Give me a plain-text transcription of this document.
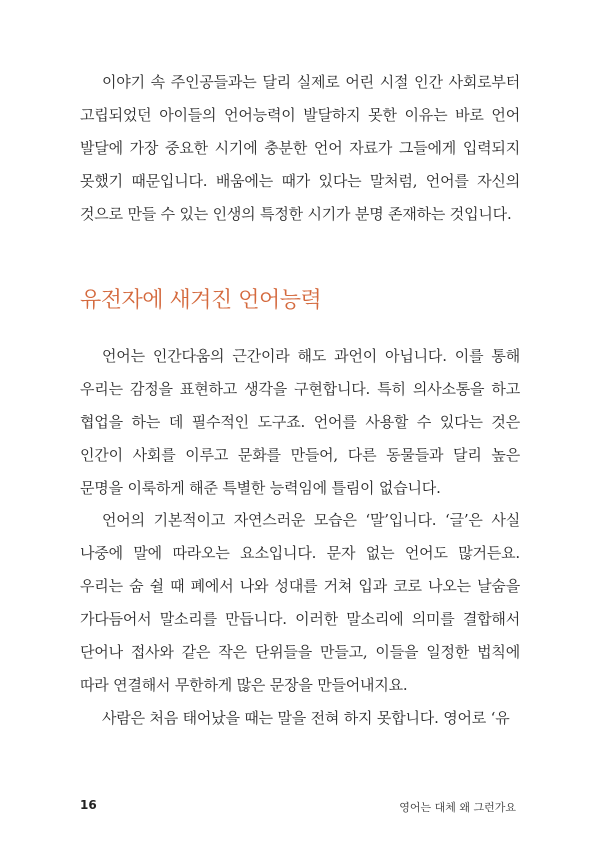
이야기 속 주인공들과는 달리 실제로 어린 시절 인간 사회로부터 고립되었던 아이들의 언어능력이 발달하지 못한 이유는 바로 언어 발달에 가장 중요한 시기에 충분한 언어 자료가 그들에게 입력되지 못했기 때문입니다. 배움에는 때가 있다는 말처럼, 언어를 자신의 것으로 만들 수 있는 인생의 특정한 시기가 분명 존재하는 것입니다.

유전자에 새겨진 언어능력

언어는 인간다움의 근간이라 해도 과언이 아닙니다. 이를 통해 우리는 감정을 표현하고 생각을 구현합니다. 특히 의사소통을 하고 협업을 하는 데 필수적인 도구죠. 언어를 사용할 수 있다는 것은 인간이 사회를 이루고 문화를 만들어, 다른 동물들과 달리 높은 문명을 이룩하게 해준 특별한 능력임에 틀림이 없습니다.

언어의 기본적이고 자연스러운 모습은 ‘말’입니다. ‘글’은 사실 나중에 말에 따라오는 요소입니다. 문자 없는 언어도 많거든요. 우리는 숨 쉴 때 폐에서 나와 성대를 거쳐 입과 코로 나오는 날숨을 가다듬어서 말소리를 만듭니다. 이러한 말소리에 의미를 결합해서 단어나 접사와 같은 작은 단위들을 만들고, 이들을 일정한 법칙에 따라 연결해서 무한하게 많은 문장을 만들어내지요.

사람은 처음 태어났을 때는 말을 전혀 하지 못합니다. 영어로 ‘유

16	영어는 대체 왜 그런가요
